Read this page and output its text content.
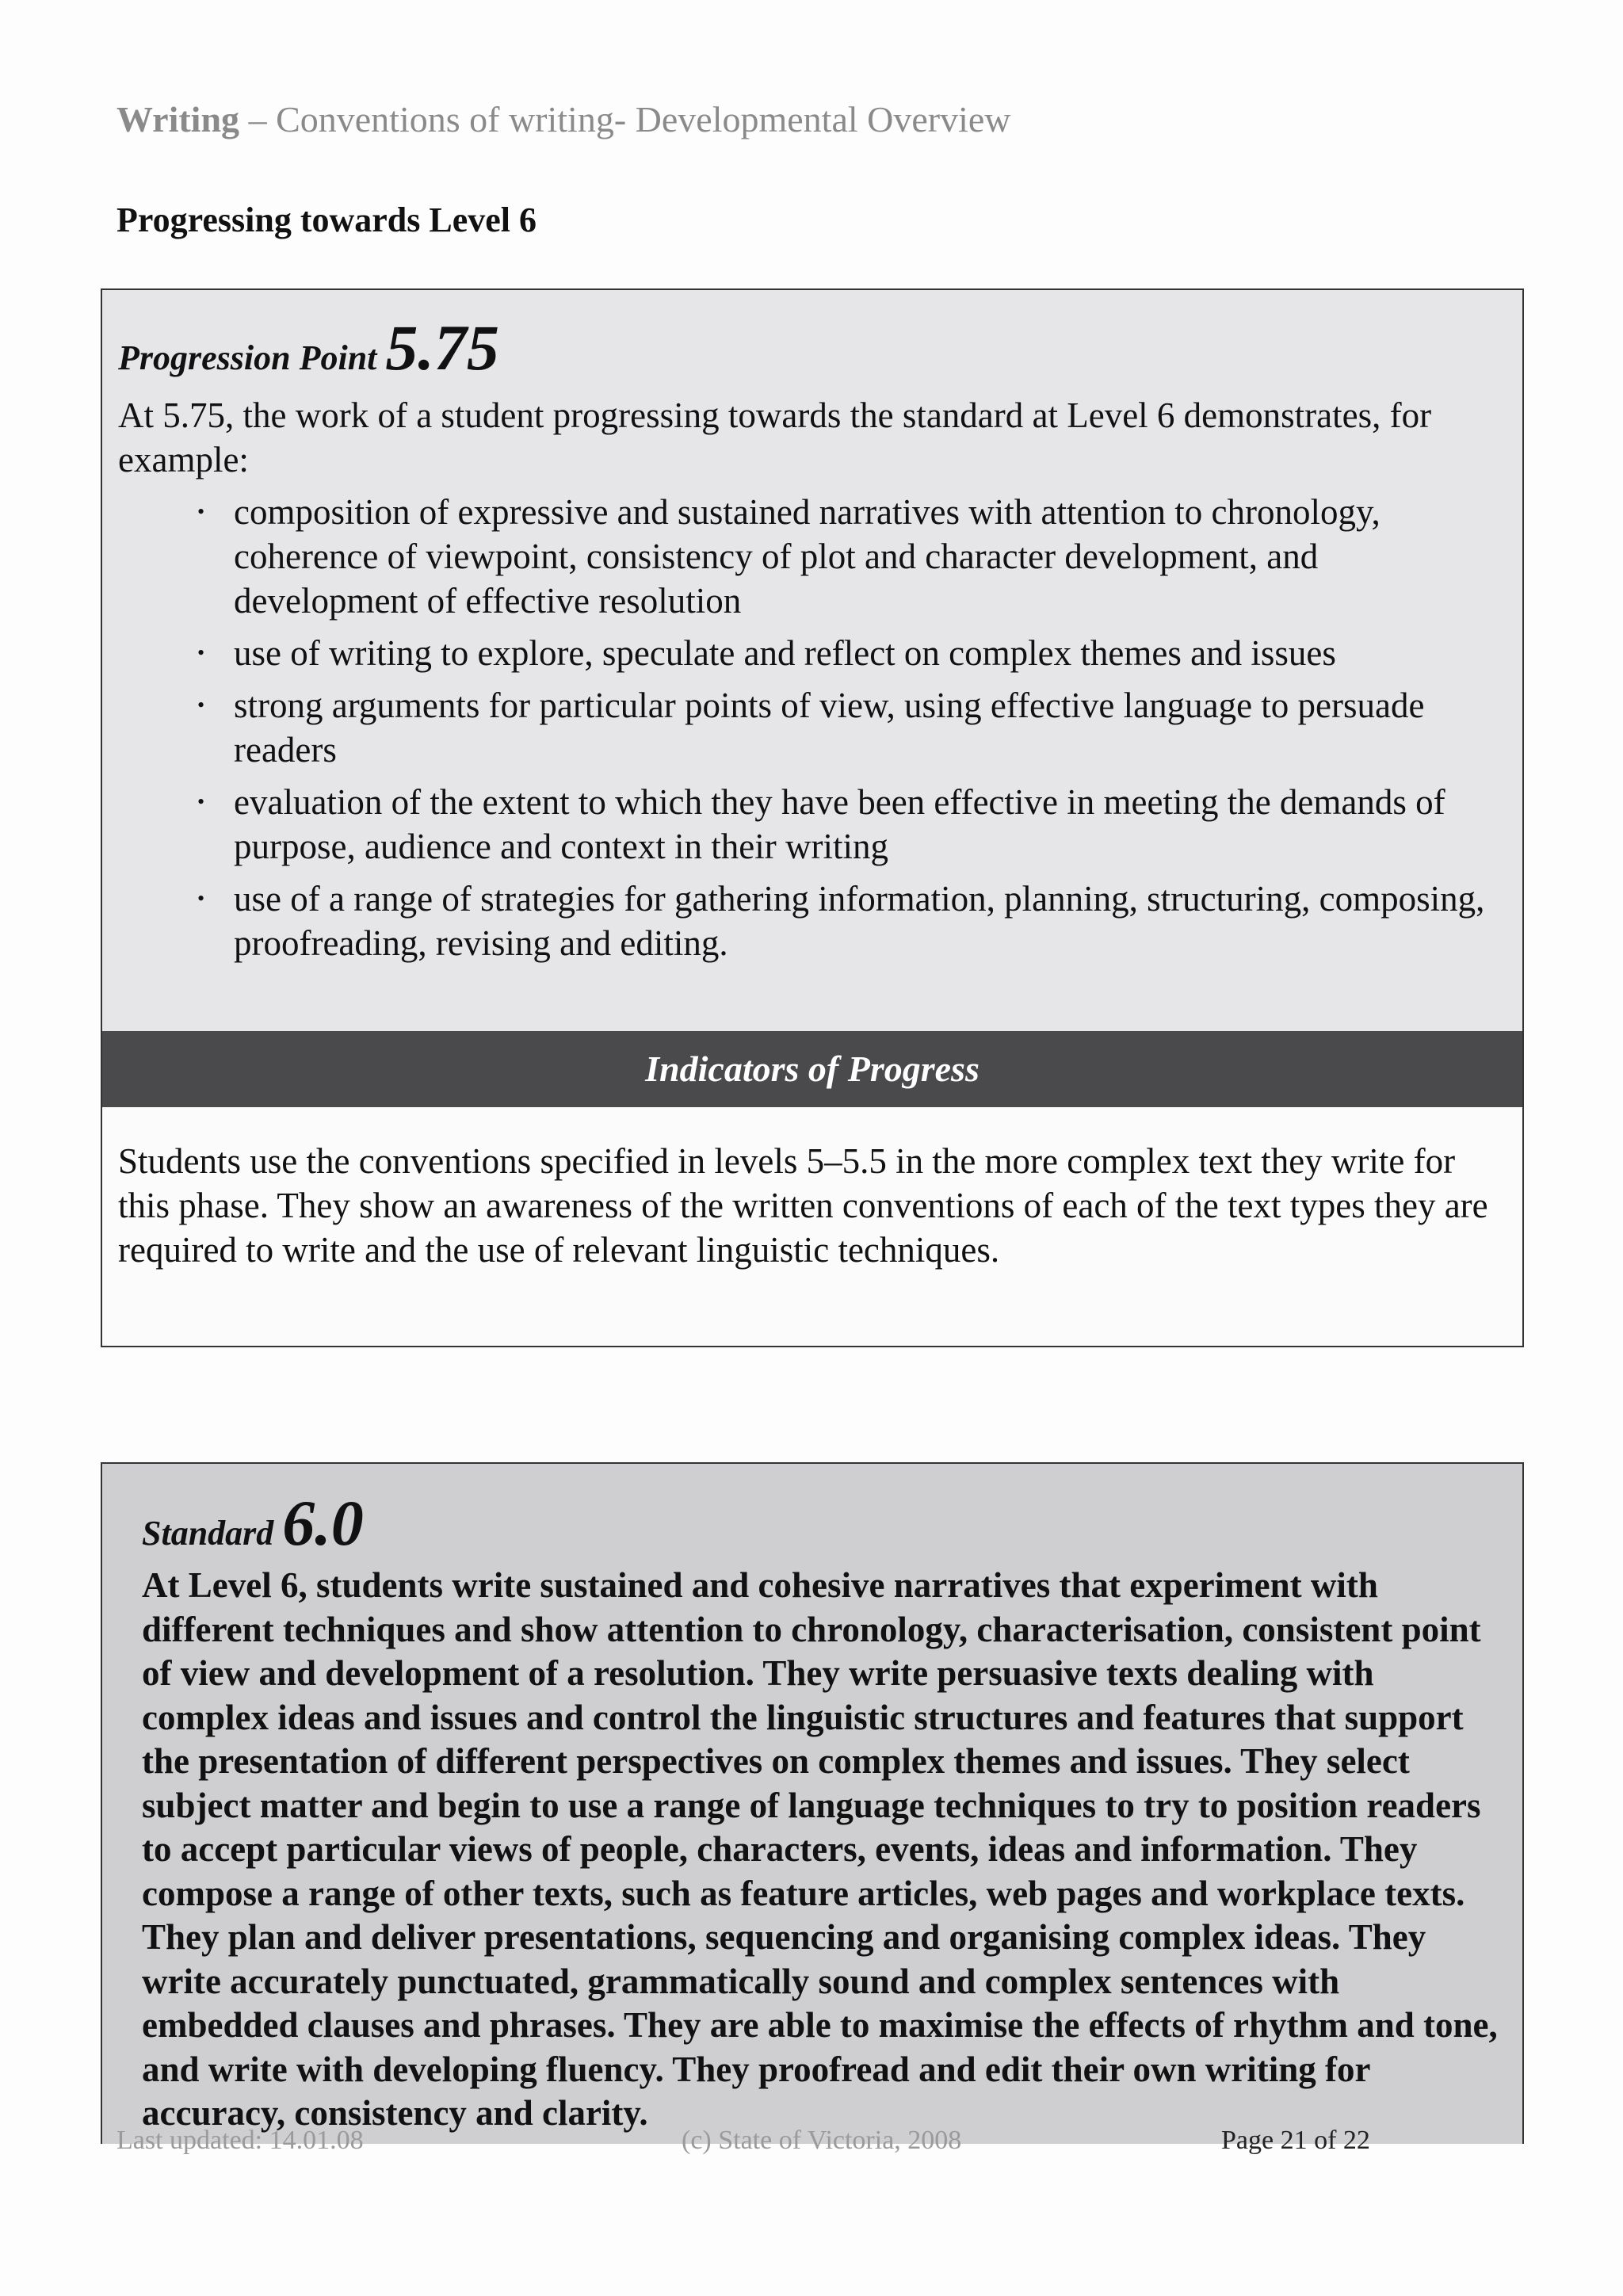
Writing – Conventions of writing- Developmental Overview
Progressing towards Level 6
Progression Point 5.75
At 5.75, the work of a student progressing towards the standard at Level 6 demonstrates, for example:
• composition of expressive and sustained narratives with attention to chronology, coherence of viewpoint, consistency of plot and character development, and development of effective resolution
• use of writing to explore, speculate and reflect on complex themes and issues
• strong arguments for particular points of view, using effective language to persuade readers
• evaluation of the extent to which they have been effective in meeting the demands of purpose, audience and context in their writing
• use of a range of strategies for gathering information, planning, structuring, composing, proofreading, revising and editing.
Indicators of Progress
Students use the conventions specified in levels 5–5.5 in the more complex text they write for this phase. They show an awareness of the written conventions of each of the text types they are required to write and the use of relevant linguistic techniques.
Standard 6.0
At Level 6, students write sustained and cohesive narratives that experiment with different techniques and show attention to chronology, characterisation, consistent point of view and development of a resolution. They write persuasive texts dealing with complex ideas and issues and control the linguistic structures and features that support the presentation of different perspectives on complex themes and issues. They select subject matter and begin to use a range of language techniques to try to position readers to accept particular views of people, characters, events, ideas and information. They compose a range of other texts, such as feature articles, web pages and workplace texts. They plan and deliver presentations, sequencing and organising complex ideas. They write accurately punctuated, grammatically sound and complex sentences with embedded clauses and phrases. They are able to maximise the effects of rhythm and tone, and write with developing fluency. They proofread and edit their own writing for accuracy, consistency and clarity.
Last updated: 14.01.08	(c) State of Victoria, 2008	Page 21 of 22
